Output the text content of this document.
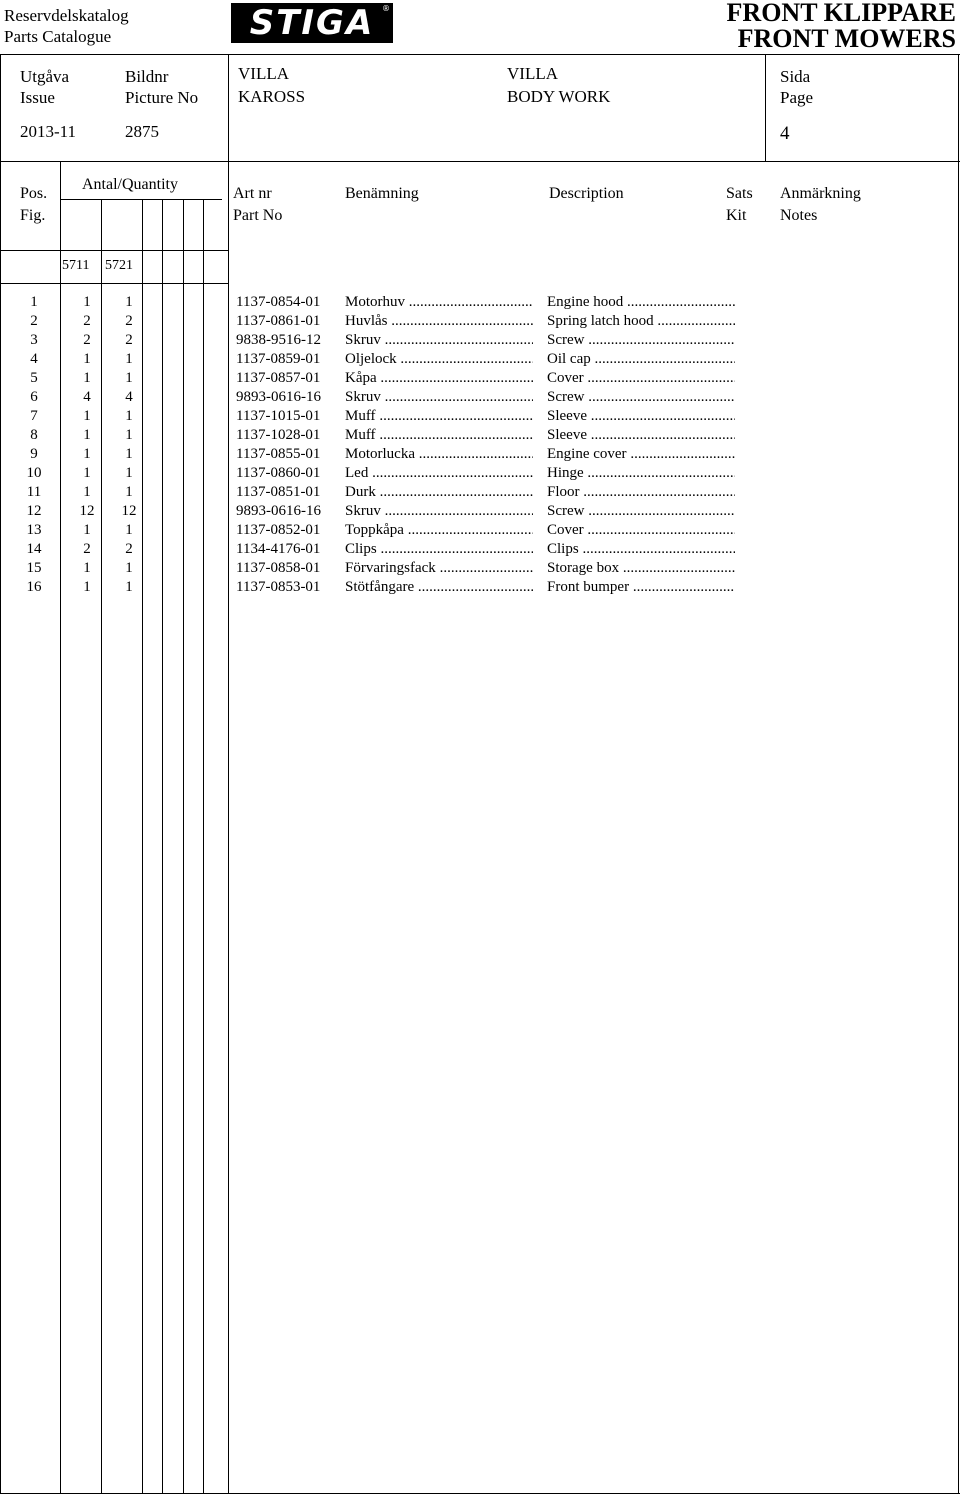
Reservdelskatalog
Parts Catalogue	STIGA ®	FRONT KLIPPARE
FRONT MOWERS
Utgåva
Issue
2013-11
Bildnr
Picture No
2875
VILLA
KAROSS
VILLA
BODY WORK
Sida
Page
4
Pos.
Fig.
Antal/Quantity
5711 5721
Art nr
Part No
Benämning	Description	Sats
Kit
Anmärkning
Notes
1	1	1	1137-0854-01 Motorhuv .....	Engine hood .....
2	2	2	1137-0861-01 Huvlås .....	Spring latch hood .....
3	2	2	9838-9516-12 Skruv .....	Screw .....
4	1	1	1137-0859-01 Oljelock .....	Oil cap .....
5	1	1	1137-0857-01 Kåpa .....	Cover .....
6	4	4	9893-0616-16 Skruv .....	Screw .....
7	1	1	1137-1015-01 Muff .....	Sleeve .....
8	1	1	1137-1028-01 Muff .....	Sleeve .....
9	1	1	1137-0855-01 Motorlucka .....	Engine cover .....
10	1	1	1137-0860-01 Led .....	Hinge .....
11	1	1	1137-0851-01 Durk .....	Floor .....
12	12	12	9893-0616-16 Skruv .....	Screw .....
13	1	1	1137-0852-01 Toppkåpa .....	Cover .....
14	2	2	1134-4176-01 Clips .....	Clips .....
15	1	1	1137-0858-01 Förvaringsfack .....	Storage box .....
16	1	1	1137-0853-01 Stötfångare .....	Front bumper .....
